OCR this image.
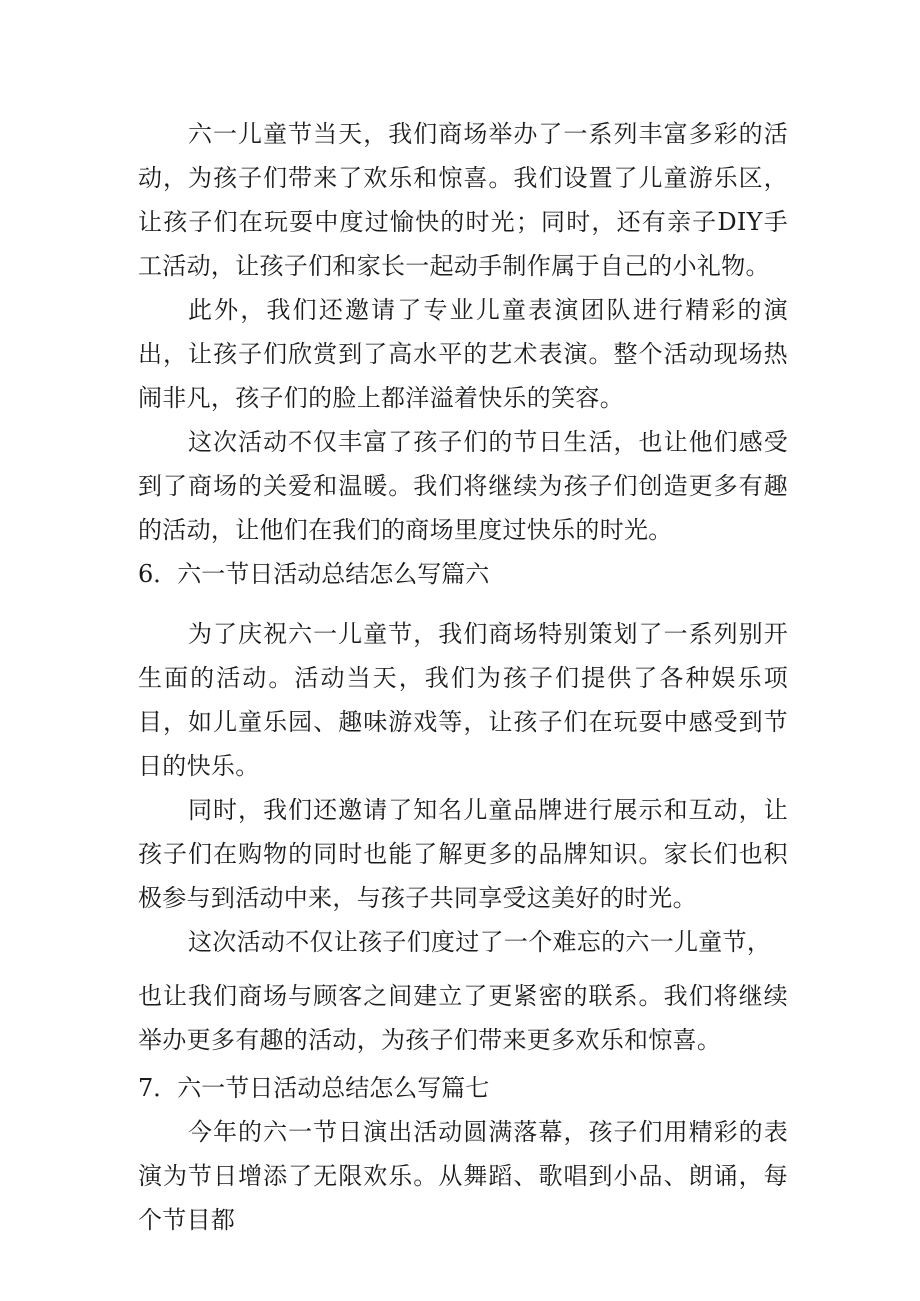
六一儿童节当天，我们商场举办了一系列丰富多彩的活动，为孩子们带来了欢乐和惊喜。我们设置了儿童游乐区，让孩子们在玩耍中度过愉快的时光；同时，还有亲子DIY手工活动，让孩子们和家长一起动手制作属于自己的小礼物。

此外，我们还邀请了专业儿童表演团队进行精彩的演出，让孩子们欣赏到了高水平的艺术表演。整个活动现场热闹非凡，孩子们的脸上都洋溢着快乐的笑容。

这次活动不仅丰富了孩子们的节日生活，也让他们感受到了商场的关爱和温暖。我们将继续为孩子们创造更多有趣的活动，让他们在我们的商场里度过快乐的时光。

6．六一节日活动总结怎么写篇六

为了庆祝六一儿童节，我们商场特别策划了一系列别开生面的活动。活动当天，我们为孩子们提供了各种娱乐项目，如儿童乐园、趣味游戏等，让孩子们在玩耍中感受到节日的快乐。

同时，我们还邀请了知名儿童品牌进行展示和互动，让孩子们在购物的同时也能了解更多的品牌知识。家长们也积极参与到活动中来，与孩子共同享受这美好的时光。

这次活动不仅让孩子们度过了一个难忘的六一儿童节，

也让我们商场与顾客之间建立了更紧密的联系。我们将继续举办更多有趣的活动，为孩子们带来更多欢乐和惊喜。

7．六一节日活动总结怎么写篇七

今年的六一节日演出活动圆满落幕，孩子们用精彩的表演为节日增添了无限欢乐。从舞蹈、歌唱到小品、朗诵，每个节目都
